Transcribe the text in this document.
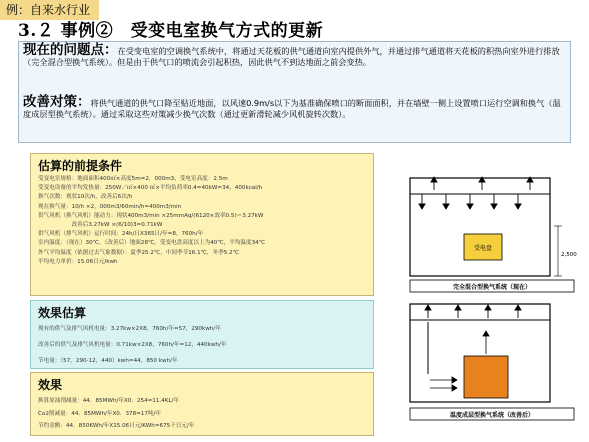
例：自来水行业
3.２ 事例②　受变电室换气方式的更新
现在的问题点：在受变电室的空调换气系统中，将通过天花板的供气通道向室内提供外气，并通过排气通道将天花板的积热向室外进行排放（完全混合型换气系统）。但是由于供气口的喷流会引起积热，因此供气不到达地面之前会变热。
改善对策：将供气通道的供气口降至贴近地面，以风速0.9m/s以下为基准确保喷口的断面面积，并在墙壁一侧上设置喷口运行空调和换气（温度成层型换气系统）。通过采取这些对策减少换气次数（通过更新滑轮减少风机旋转次数）。
估算的前提条件
受变电室规格：地面面积400㎡×高度5m=2，000m3，受电室高度：2.5m
受变电设备的平均发热量：250W／㎡×400 ㎡×平均负荷率0.4=40kW=34，400kcal/h
换气次数：现状10次/h，改善后6次/h
现在换气量：10/h ×2，000m3/60min/h=400m3/min
供气风机（换气风机）能动力：现状400m3/min ×25mmAq/(6120×效率0.5)＝3.27kW
　　　　　　改善后3.27kW ×(6/10)3=0.71kW
供气风机（排气风机）运行时间：24h/日X365日/年=8，760h/年
室内温度：（现在）30℃，（改善后）地面28℃，受变电盘高度以上为40℃，平均温度34℃
外气平均温度（依据过去气象数据）：夏季25.2℃，中间季节16.1℃，冬季5.2℃
平均电力单价：15.06日元/kwh
效果估算
现有的供气及排气风机电量：3.27kw×2X8，760h/年=57，290kwh/年
改善后的供气及排气风机电量：0.71kw×2X8，760h/年=12，440kwh/年
节电量：（57，290-12，440）kwh=44，850 kwh/年
效果
换算原油削减量：44．85MWh/年X0．254=11.4KL/年
Co2削减量：44．85MWh/年X0．378=17吨/年
节约金额：44．850KWh/年X15.06日元/KWh=675千日元/年
受电盘
2,500
完全混合型换气系统（现在）
温度成层型换气系统（改善后）
